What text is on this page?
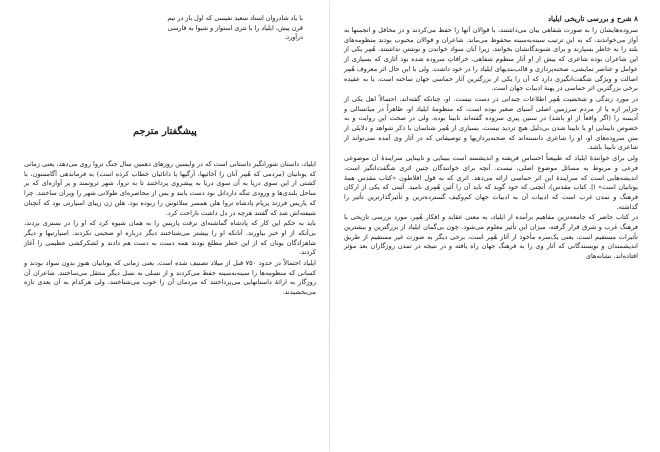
با یاد شادروان استاد سعید نفیسی که اول بار در نیم قرن پیش، ایلیاد را با نثری استوار و شیوا به فارسی درآورد.
پیشگفتار مترجم

ایلیاد، داستان شورانگیز داستانی است که در واپسین روزهای دهمین سال جنگ تروا روی می‌دهد، یعنی زمانی که یونانیان (مردمی که هُمِر آنان را آخائیها، آرگیها یا دانائیان خطاب کرده است) به فرماندهی آگاممنون، با کشتی از این سوی دریا به آن سوی دریا به پیشروی پرداختند تا به تروا، شهر ثروتمند و پر آوازه‌ای که بر ساحل بلندی‌ها و ورودی تنگه داردانل بود دست یابند و پس از محاصره‌ای طولانی شهر را ویران ساختند. چرا که پاریس فرزند پریام پادشاه تروا هلن همسر منلائوس را ربوده بود. هلن زن زیبای اسپارتی بود که آنچنان شیفته‌اش شد که گفتند هرچه در دل داشت ناراحت کرد.

باید به حکم این کار که پادشاه گماشته‌ای نرفت پاریس را به همان شیوه کرد که او را در بستری بردند، بی‌آنکه از او خبر بیاورند. آنانکه او را بیشتر می‌شناختند دیگر درباره او صحبتی نکردند. اسپارتیها و دیگر شاهزادگان یونان که از این خطر مطلع بودند همه دست به دست هم دادند و لشکرکشی عظیمی را آغاز کردند.

ایلیاد احتمالاً در حدود ۷۵۰ قبل از میلاد تصنیف شده است، یعنی زمانی که یونانیان هنوز بدون سواد بودند و کسانی که منظومه‌ها را سینه‌به‌سینه حفظ می‌کردند و از نسلی به نسل دیگر منتقل می‌ساختند. شاعران آن روزگار به ارائهٔ داستانهایی می‌پرداختند که مردمان آن را خوب می‌شناختند، ولی هرکدام به آن بعدی تازه می‌بخشیدند.

۸ شرح و بررسی تاریخی ایلیاد

سروده‌هایشان را به صورت شفاهی بیان می‌داشتند، با قوالان آنها را حفظ می‌کردند و در محافل و انجمنها به آواز می‌خواندند، که به این ترتیب سینه‌به‌سینه محفوظ می‌ماند. شاعران و قوالان محبوب بودند منظومه‌های بلند را به خاطر بسپارند و برای شنوندگانشان بخوانند، زیرا آنان سواد خواندن و نوشتن نداشتند. هُمِر یکی از این شاعران بوده شاعری که پیش از او آثار منظوم شفاهی، خرافاتِ سروده شده بود آثاری که بسیاری از عوامل و عناصر نمایشی، صحنه‌پردازی و قالب‌بندیهای ایلیاد را در خود داشت. ولی با این حال اثر معروف هُمِر اصالت و ویژگی شگفت‌انگیزی دارد که آن را یکی از بزرگترین آثار حماسی جهان ساخته است، یا به عقیده برخی بزرگترین اثر حماسی در پهنهٔ ادبیات جهان است.

در مورد زندگی و شخصیت هُمِر اطلاعات چندانی در دست نیست. او، چنانکه گفته‌اند، احتمالاً اهل یکی از جزایر ازه یا از مردم سرزمین اصلی آسیای صغیر بوده است، که منظومهٔ ایلیاد او، ظاهراً در میانسالی و اُدیسه را (اگر واقعاً از او باشد) در سنین پیری سروده گفته‌اند نابینا بوده، ولی در صحت این روایت و به خصوص نابینایی او یا نابینا شدن بی‌دلیل هیچ تردید نیست. بسیاری از هُمِر شناسان با ذکر شواهد و دلایلی از متن سروده‌های او، او را شاعری دانسته‌اند که صحنه‌پردازیها و توصیفاتی که در آثار وی آمده نمی‌تواند از شاعری نابینا باشد.

ولی برای خوانندهٔ ایلیاد که طبیعتاً احساس فریفته و اندیشمند است ببینایی و نابینایی سرایندهٔ آن موضوعی فرعی و مربوط به مسائل موضوع اصلی، نیست. آنچه برای خوانندگان چنین اثری شگفت‌انگیز است، اندیشه‌هایی است که سرایندهٔ این اثر حماسی ارائه می‌دهد. اثری که به قول افلاطون «کتاب مقدس همهٔ یونانیان است» (اِ. کتاب مقدس)، آنچنی که خود گوید که باید آن را آئین هُمِری نامید. آئینی که یکی از ارکان فرهنگ و تمدن غرب است که ادبیات آن به ادبیات جهان کم‌و‌کیف گسترده‌ترین و تأثیرگذارترین تأثیر را گذاشته.

در کتاب حاضر که جامعه‌ترین مفاهیم برآمده از ایلیاد، به معنی عقاید و افکار هُمِر، مورد بررسی تاریخی با فرهنگ غرب و شرق قرار گرفته، میزان این تأثیر معلوم می‌شود. چون بی‌گمان ایلیاد از بزرگترین و بیشترین تأثیرات مستقیم است، یعنی یک‌سره مأخوذ از آثار هُمِر است، برخی دیگر به صورت غیر مستقیم از طریق اندیشمندان و نویسندگانی که آثار وی را به فرهنگ جهان راه یافته و در نتیجه در تمدن روزگاران بعد مؤثر افتاده‌اند. نشانه‌های
